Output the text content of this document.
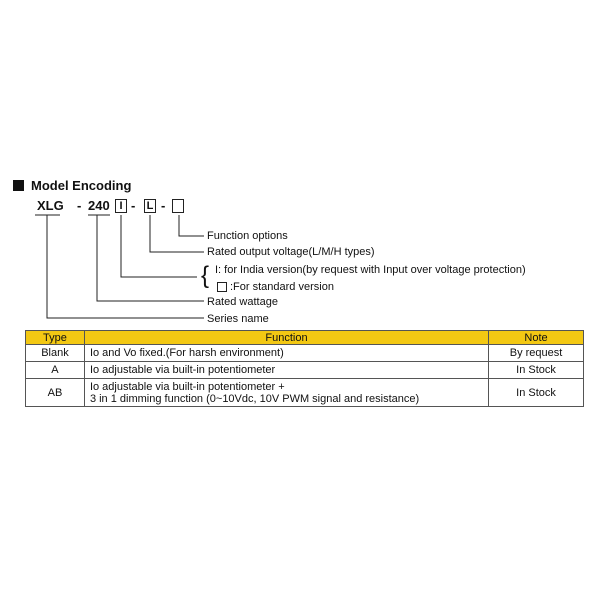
Model Encoding
XLG - 240 I - L -
Function options
Rated output voltage(L/M/H types)
{ I: for India version(by request with Input over voltage protection)
:For standard version
Rated wattage
Series name
Type	Function	Note
Blank	Io and Vo fixed.(For harsh environment)	By request
A	Io adjustable via built-in potentiometer	In Stock
AB	Io adjustable via built-in potentiometer +
3 in 1 dimming function (0~10Vdc, 10V PWM signal and resistance)	In Stock
